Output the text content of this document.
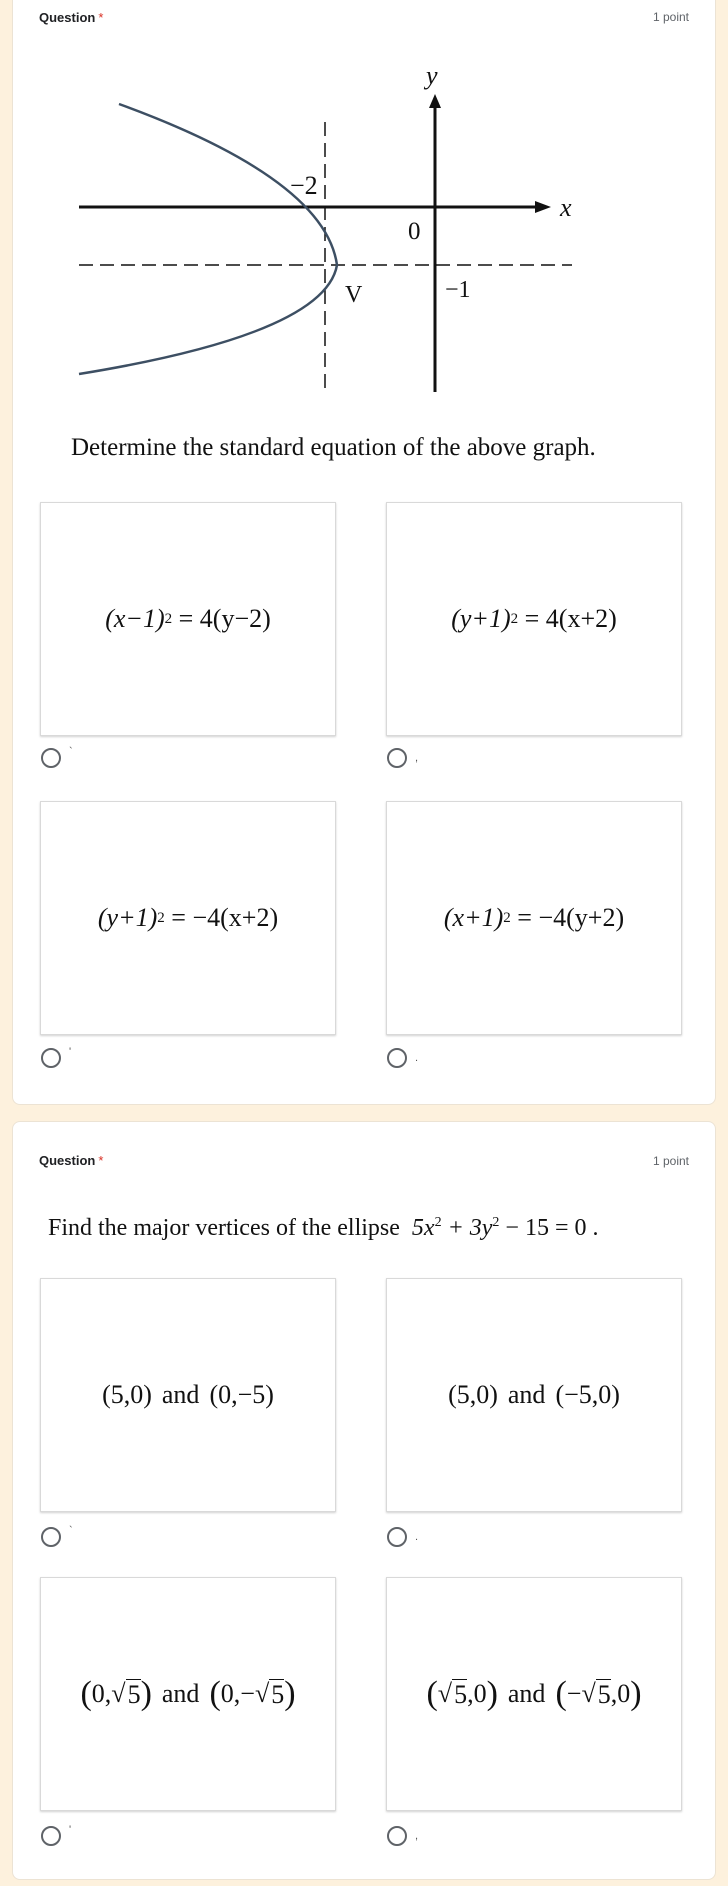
Question *	1 point
y
x
0
−2
−1
V
Determine the standard equation of the above graph.
(x−1) 2
= 4(y−2)	(y+1) 2
= 4(x+2)
`	,
(y+1) 2
= −4(x+2)	(x+1) 2
= −4(y+2)
'	.
Question *	1 point
Find the major vertices of the ellipse $5x^2 + 3y^2 - 15 = 0$ .
(5,0) and (0,−5)	(5,0) and (−5,0)
`	.
( 0, √ 5 ) and ( 0,− √ 5 )	( √ 5 ,0 ) and ( − √ 5 ,0 )
'	,
